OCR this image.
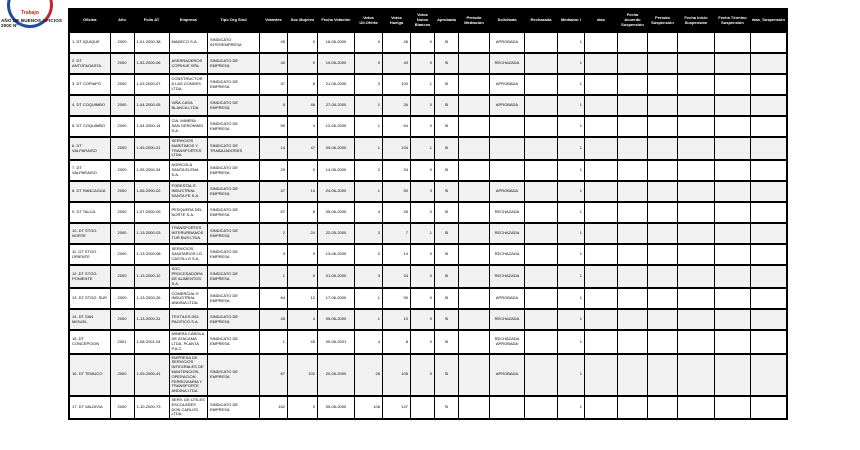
Trabajo
AÑO DE BUENOS OFICIOS 2000 Nº
Oficina	Año	Folio AT	Empresa	Tipo Org Sind	Votantes	Soc Mujeres	Fecha Votación	Votos Ult.Oferta	Votos Huelga	Votos Nulos Blancos	Aprobada	Período Mediación	Solicitada	Rechazada	Mediador I	días	Fecha Acuerdo Suspensión	Período Suspensión	Fecha Inicio Suspensión	Fecha Término Suspensión	días_Suspensión
1. DT IQUIQUE	2000	1-01-2000-38	MADECO S.A.	SINDICATO INTEREMPRESA	45	0	16-06-2000	0	45	0	Si		APROBADA		1						
2. DT ANTOFAGASTA	2000	1-02-2000-06	ASERRADEROS COPIHUE SPA.	SINDICATO DE EMPRESA	40	0	10-06-2000	0	40	0	Si		RECHAZADA		1						
3. DT COPIAPO	2000	1-03-2000-07	CONSTRUCTORA LAS CONDES LTDA.	SINDICATO DE EMPRESA	47	8	21-06-2000	3	100	1	Si		APROBADA		1						
4. DT COQUIMBO	2000	1-04-2000-05	VIÑA CASA BLANCA LTDA.	SINDICATO DE EMPRESA	5	46	27-06-2000	1	26	0	Si		APROBADA		1						
5. DT COQUIMBO	2000	1-04-2000-14	CIA. MINERA SAN GERONIMO S.A.	SINDICATO DE EMPRESA	59	4	12-06-2000	1	64	0	Si				1						
6. DT VALPARAISO	2000	1-05-2000-21	SERVICIOS MARITIMOS Y TRANSPORTES LTDA.	SINDICATO DE TRABAJADORES	14	47	09-06-2000	1	134	1	Si				1						
7. DT VALPARAISO	2000	1-05-2000-34	AGRICOLA SANTA ELENA S.A.	SINDICATO DE EMPRESA	29	0	14-06-2000	2	34	0	Si				1						
8. DT RANCAGUA	2000	1-06-2000-02	FORESTAL E INDUSTRIAL SANTA FE S.A.	SINDICATO DE EMPRESA	47	14	24-06-2000	1	50	3	Si		APROBADA		1						
9. DT TALCA	2000	1-07-2000-09	PESQUERA DEL NORTE S.A.	SINDICATO DE EMPRESA	57	8	05-06-2000	4	45	0	Si		RECHAZADA		1						
10. DT STGO. NORTE	2000	1-13-2000-03	TRANSPORTES INTERURBANOS TUR BUS LTDA.	SINDICATO DE EMPRESA	2	24	22-05-2000	3	7	1	Si		RECHAZADA		1						
11. DT STGO. ORIENTE	2000	1-13-2000-08	SERVICIOS SANITARIOS LO CASTILLO S.A.	SINDICATO DE EMPRESA	3	0	13-06-2000	2	14	0	Si		RECHAZADA		1						
12. DT STGO. PONIENTE	2000	1-13-2000-12	SOC. PROCESADORA DE ALIMENTOS S.A.	SINDICATO DE EMPRESA	1	0	01-06-2000	3	34	0	Si		RECHAZADA		1						
13. DT STGO. SUR	2000	1-13-2000-26	COMERCIAL E INDUSTRIAL ANDINA LTDA.	SINDICATO DE EMPRESA	64	12	17-06-2000	1	90	0	Si		APROBADA		1						
14. DT SAN MIGUEL	2000	1-13-2000-31	TEXTILES DEL PACIFICO S.A.	SINDICATO DE EMPRESA	45	4	05-06-2000	1	10	0	Si		RECHAZADA		1						
15. DT CONCEPCION	2001	1-08-2001-04	MINERA CAROLA DE ATACAMA LTDA. PLANTA P.A.C.	SINDICATO DE EMPRESA	1	45	09-06-2001	4	8	0	Si		RECHAZADA APROBADA		1						
16. DT TEMUCO	2000	1-09-2000-41	EMPRESA DE SERVICIOS INTEGRALES DE MANTENCION, OPERACION FERROVIARIA Y TRANSPORTE ANDINA LTDA.	SINDICATO DE EMPRESA	67	102	20-06-2000	26	105	0	Si		APROBADA		1						
17. DT VALDIVIA	2000	1-10-2000-73	SERV. DE UTILES ESCOLARES DON CARLOS LTDA.	SINDICATO DE EMPRESA	162	0	05-06-2000	106	147		Si				1						
